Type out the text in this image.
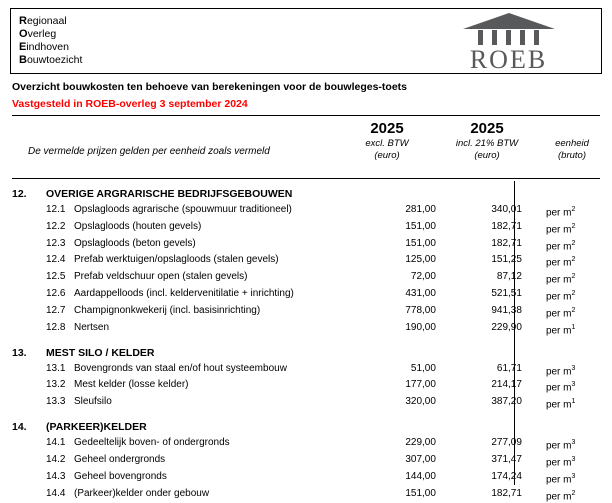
Regionaal
Overleg
Eindhoven
Bouwtoezicht	ROEB
Overzicht bouwkosten ten behoeve van berekeningen voor de bouwleges-toets
Vastgesteld in ROEB-overleg 3 september 2024
De vermelde prijzen gelden per eenheid zoals vermeld
2025
excl. BTW
(euro)
2025
incl. 21% BTW
(euro)
eenheid
(bruto)
12.	OVERIGE ARGRARISCHE BEDRIJFSGEBOUWEN				
	12.1	Opslagloods agrarische (spouwmuur traditioneel)	281,00	340,01	per $m^2$
	12.2	Opslagloods (houten gevels)	151,00	182,71	per $m^2$
	12.3	Opslagloods (beton gevels)	151,00	182,71	per $m^2$
	12.4	Prefab werktuigen/opslagloods (stalen gevels)	125,00	151,25	per $m^2$
	12.5	Prefab veldschuur open (stalen gevels)	72,00	87,12	per $m^2$
	12.6	Aardappelloods (incl. keldervenitilatie + inrichting)	431,00	521,51	per $m^2$
	12.7	Champignonkwekerij (incl. basisinrichting)	778,00	941,38	per $m^2$
	12.8	Nertsen	190,00	229,90	per $m^1$
13.	MEST SILO / KELDER				
	13.1	Bovengronds van staal en/of hout systeembouw	51,00	61,71	per $m^3$
	13.2	Mest kelder (losse kelder)	177,00	214,17	per $m^3$
	13.3	Sleufsilo	320,00	387,20	per $m^1$
14.	(PARKEER)KELDER				
	14.1	Gedeeltelijk boven- of ondergronds	229,00	277,09	per $m^3$
	14.2	Geheel ondergronds	307,00	371,47	per $m^3$
	14.3	Geheel bovengronds	144,00	174,24	per $m^3$
	14.4	(Parkeer)kelder onder gebouw	151,00	182,71	per $m^2$
